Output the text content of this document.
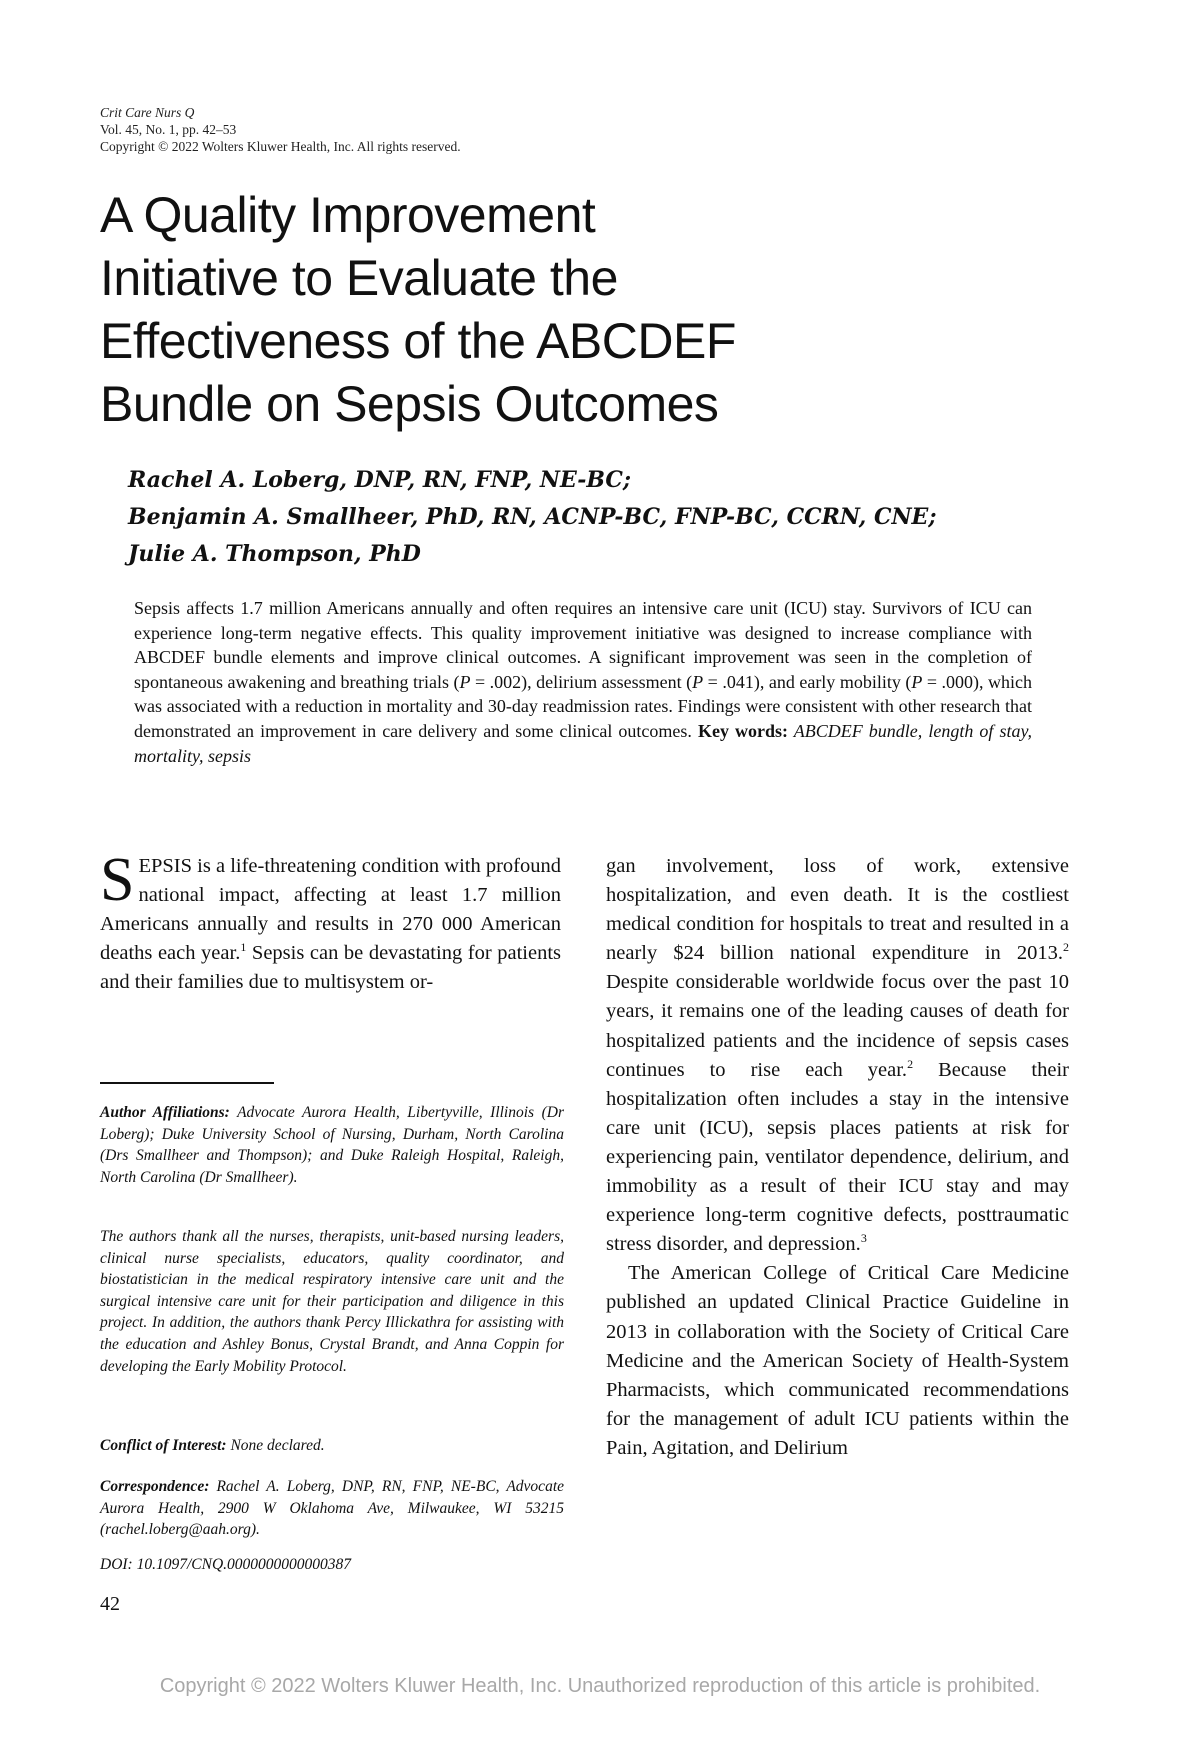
Crit Care Nurs Q
Vol. 45, No. 1, pp. 42–53
Copyright © 2022 Wolters Kluwer Health, Inc. All rights reserved.
A Quality Improvement
Initiative to Evaluate the
Effectiveness of the ABCDEF
Bundle on Sepsis Outcomes
Rachel A. Loberg, DNP, RN, FNP, NE-BC;
Benjamin A. Smallheer, PhD, RN, ACNP-BC, FNP-BC, CCRN, CNE;
Julie A. Thompson, PhD
Sepsis affects 1.7 million Americans annually and often requires an intensive care unit (ICU) stay. Survivors of ICU can experience long-term negative effects. This quality improvement initiative was designed to increase compliance with ABCDEF bundle elements and improve clinical outcomes. A significant improvement was seen in the completion of spontaneous awakening and breathing trials (P = .002), delirium assessment (P = .041), and early mobility (P = .000), which was associated with a reduction in mortality and 30-day readmission rates. Findings were consistent with other research that demonstrated an improvement in care delivery and some clinical outcomes. Key words: ABCDEF bundle, length of stay, mortality, sepsis

SEPSIS is a life-threatening condition with profound national impact, affecting at least 1.7 million Americans annually and results in 270 000 American deaths each year.$^1$ Sepsis can be devastating for patients and their families due to multisystem or-

gan involvement, loss of work, extensive hospitalization, and even death. It is the costliest medical condition for hospitals to treat and resulted in a nearly $24 billion national expenditure in 2013.$^2$ Despite considerable worldwide focus over the past 10 years, it remains one of the leading causes of death for hospitalized patients and the incidence of sepsis cases continues to rise each year.$^2$ Because their hospitalization often includes a stay in the intensive care unit (ICU), sepsis places patients at risk for experiencing pain, ventilator dependence, delirium, and immobility as a result of their ICU stay and may experience long-term cognitive defects, posttraumatic stress disorder, and depression.$^3$

The American College of Critical Care Medicine published an updated Clinical Practice Guideline in 2013 in collaboration with the Society of Critical Care Medicine and the American Society of Health-System Pharmacists, which communicated recommendations for the management of adult ICU patients within the Pain, Agitation, and Delirium

Author Affiliations: Advocate Aurora Health, Libertyville, Illinois (Dr Loberg); Duke University School of Nursing, Durham, North Carolina (Drs Smallheer and Thompson); and Duke Raleigh Hospital, Raleigh, North Carolina (Dr Smallheer).
The authors thank all the nurses, therapists, unit-based nursing leaders, clinical nurse specialists, educators, quality coordinator, and biostatistician in the medical respiratory intensive care unit and the surgical intensive care unit for their participation and diligence in this project. In addition, the authors thank Percy Illickathra for assisting with the education and Ashley Bonus, Crystal Brandt, and Anna Coppin for developing the Early Mobility Protocol.
Conflict of Interest: None declared.
Correspondence: Rachel A. Loberg, DNP, RN, FNP, NE-BC, Advocate Aurora Health, 2900 W Oklahoma Ave, Milwaukee, WI 53215 (rachel.loberg@aah.org).
DOI: 10.1097/CNQ.0000000000000387
42
Copyright © 2022 Wolters Kluwer Health, Inc. Unauthorized reproduction of this article is prohibited.
